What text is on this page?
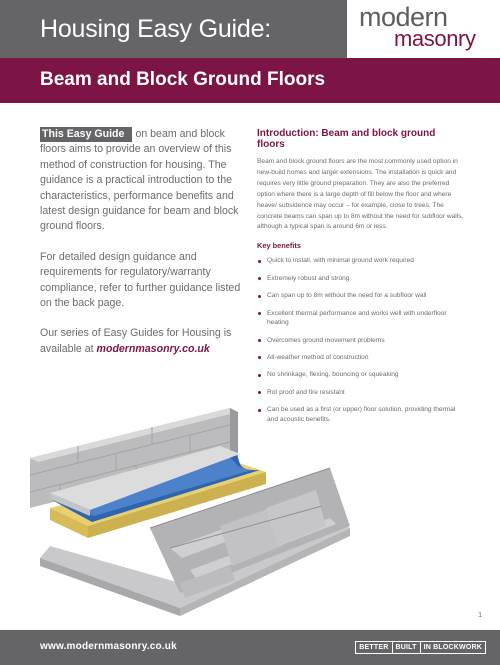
Housing Easy Guide:	modern
masonry
Beam and Block Ground Floors

This Easy Guide on beam and block floors aims to provide an overview of this method of construction for housing. The guidance is a practical introduction to the characteristics, performance benefits and latest design guidance for beam and block ground floors.

For detailed design guidance and requirements for regulatory/warranty compliance, refer to further guidance listed on the back page.

Our series of Easy Guides for Housing is available at modernmasonry.co.uk

Introduction: Beam and block ground floors
Beam and block ground floors are the most commonly used option in new-build homes and larger extensions. The installation is quick and requires very little ground preparation. They are also the preferred option where there is a large depth of fill below the floor and where heave/ subsidence may occur – for example, close to trees. The concrete beams can span up to 8m without the need for subfloor walls, although a typical span is around 6m or less.
Key benefits
Quick to install, with minimal ground work required
Extremely robust and strong
Can span up to 8m without the need for a subfloor wall
Excellent thermal performance and works well with underfloor heating
Overcomes ground movement problems
All-weather method of construction
No shrinkage, flexing, bouncing or squeaking
Rot proof and fire resistant
Can be used as a first (or upper) floor solution, providing thermal and acoustic benefits.
1
www.modernmasonry.co.uk	BETTER	BUILT	IN BLOCKWORK
